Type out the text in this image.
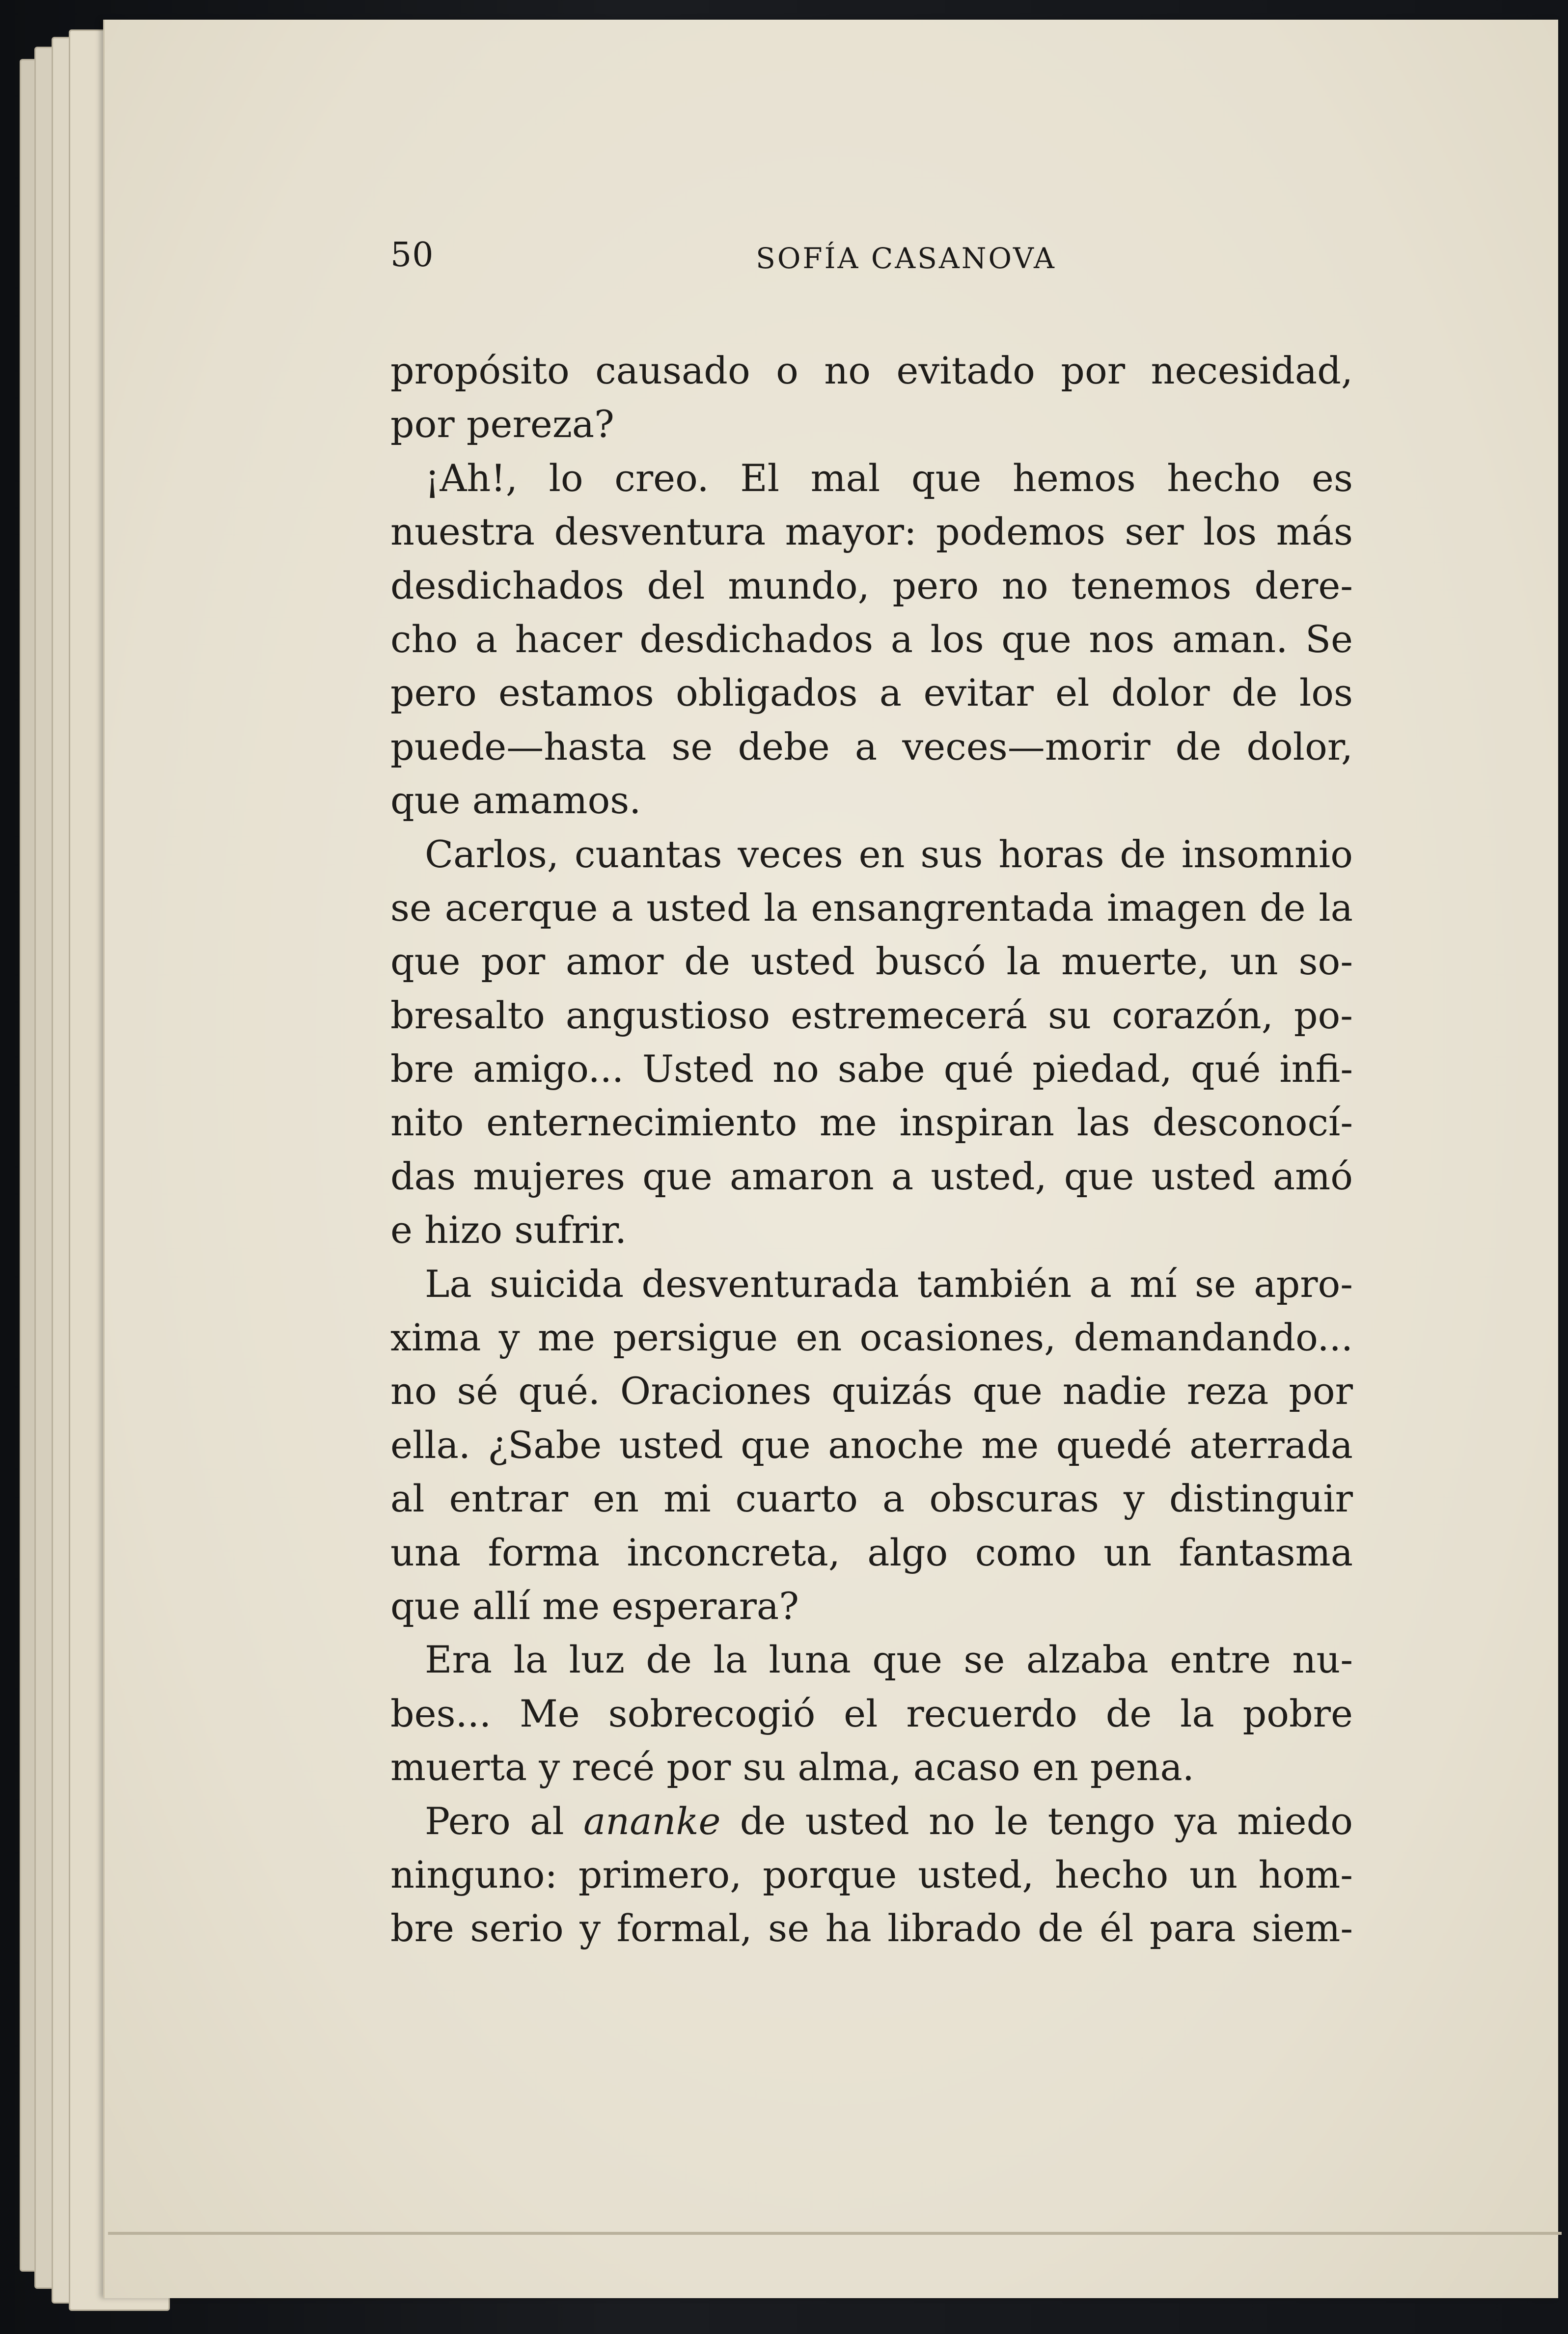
50	SOFÍA CASANOVA
propósito causado o no evitado por necesidad,
por pereza?
¡Ah!, lo creo. El mal que hemos hecho es
nuestra desventura mayor: podemos ser los más
desdichados del mundo, pero no tenemos dere-
cho a hacer desdichados a los que nos aman. Se
pero estamos obligados a evitar el dolor de los
puede—hasta se debe a veces—morir de dolor,
que amamos.
Carlos, cuantas veces en sus horas de insomnio
se acerque a usted la ensangrentada imagen de la
que por amor de usted buscó la muerte, un so-
bresalto angustioso estremecerá su corazón, po-
bre amigo... Usted no sabe qué piedad, qué infi-
nito enternecimiento me inspiran las desconocí-
das mujeres que amaron a usted, que usted amó
e hizo sufrir.
La suicida desventurada también a mí se apro-
xima y me persigue en ocasiones, demandando...
no sé qué. Oraciones quizás que nadie reza por
ella. ¿Sabe usted que anoche me quedé aterrada
al entrar en mi cuarto a obscuras y distinguir
una forma inconcreta, algo como un fantasma
que allí me esperara?
Era la luz de la luna que se alzaba entre nu-
bes... Me sobrecogió el recuerdo de la pobre
muerta y recé por su alma, acaso en pena.
Pero al ananke de usted no le tengo ya miedo
ninguno: primero, porque usted, hecho un hom-
bre serio y formal, se ha librado de él para siem-
